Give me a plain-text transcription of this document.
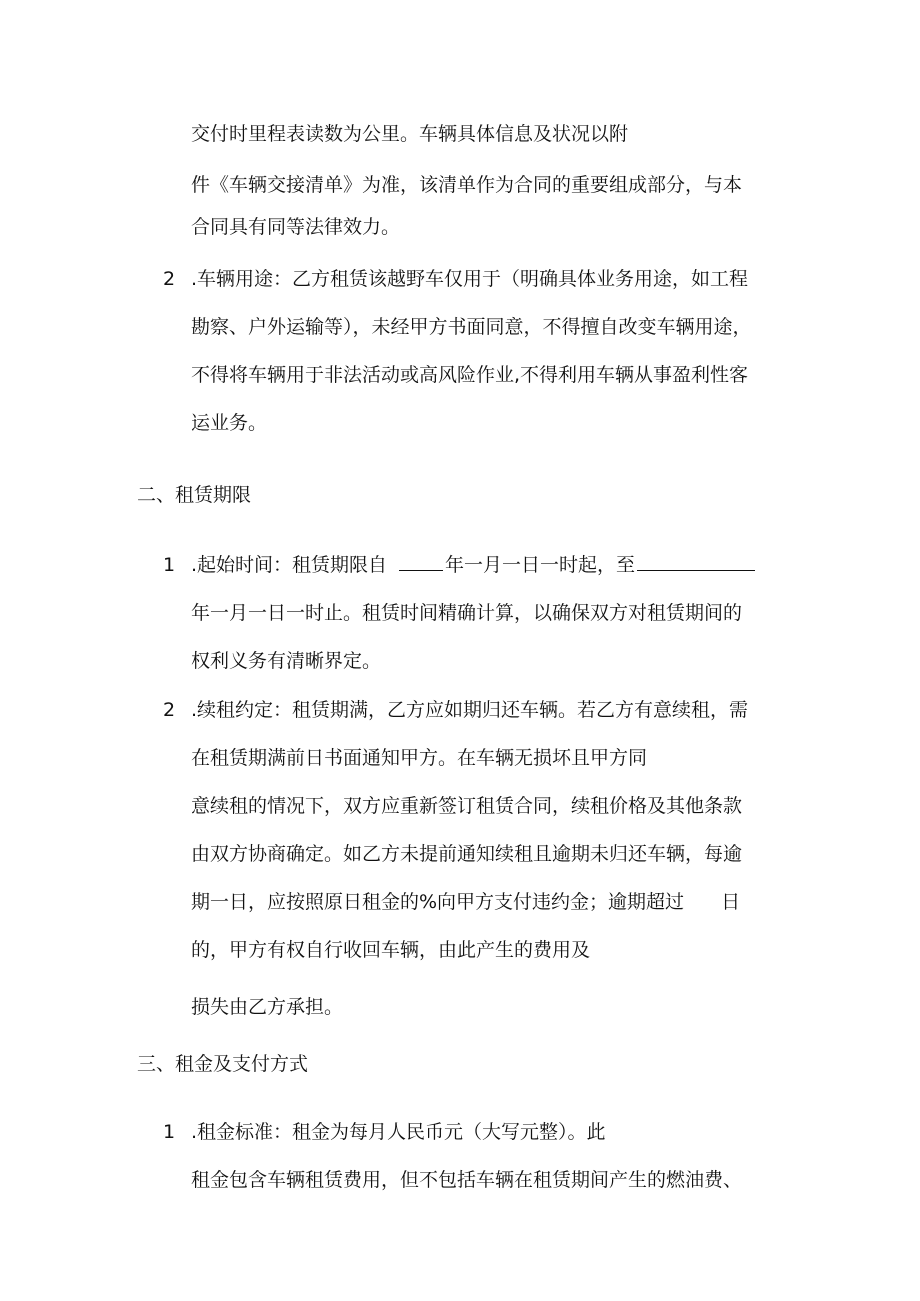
交付时里程表读数为公里。车辆具体信息及状况以附
件《车辆交接清单》为准，该清单作为合同的重要组成部分，与本
合同具有同等法律效力。
2 .车辆用途：乙方租赁该越野车仅用于（明确具体业务用途，如工程
勘察、户外运输等），未经甲方书面同意，不得擅自改变车辆用途，
不得将车辆用于非法活动或高风险作业,不得利用车辆从事盈利性客
运业务。
二、租赁期限
1 .起始时间：租赁期限自	年一月一日一时起，至
年一月一日一时止。租赁时间精确计算，以确保双方对租赁期间的
权利义务有清晰界定。
2 .续租约定：租赁期满，乙方应如期归还车辆。若乙方有意续租，需
在租赁期满前日书面通知甲方。在车辆无损坏且甲方同
意续租的情况下，双方应重新签订租赁合同，续租价格及其他条款
由双方协商确定。如乙方未提前通知续租且逾期未归还车辆，每逾
期一日，应按照原日租金的%向甲方支付违约金；逾期超过 日
的，甲方有权自行收回车辆，由此产生的费用及
损失由乙方承担。
三、租金及支付方式
1 .租金标准：租金为每月人民币元（大写元整）。此
租金包含车辆租赁费用，但不包括车辆在租赁期间产生的燃油费、
